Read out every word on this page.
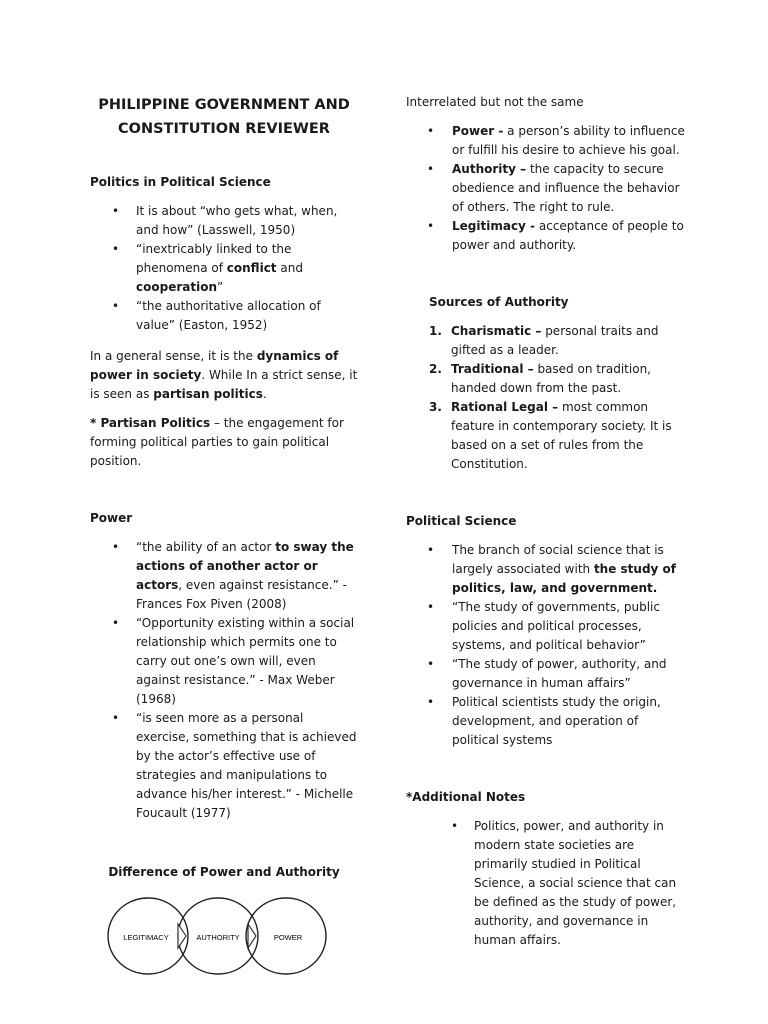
PHILIPPINE GOVERNMENT AND
CONSTITUTION REVIEWER
Politics in Political Science
• It is about “who gets what, when, and how” (Lasswell, 1950)
• “inextricably linked to the phenomena of conflict and cooperation”
• “the authoritative allocation of value” (Easton, 1952)

In a general sense, it is the dynamics of power in society. While In a strict sense, it is seen as partisan politics.

* Partisan Politics – the engagement for forming political parties to gain political position.

Power
• “the ability of an actor to sway the actions of another actor or actors, even against resistance.” - Frances Fox Piven (2008)
• “Opportunity existing within a social relationship which permits one to carry out one’s own will, even against resistance.” - Max Weber (1968)
• “is seen more as a personal exercise, something that is achieved by the actor’s effective use of strategies and manipulations to advance his/her interest.” - Michelle Foucault (1977)
Difference of Power and Authority
LEGITIMACY	AUTHORITY	POWER

Interrelated but not the same

• Power - a person’s ability to influence or fulfill his desire to achieve his goal.
• Authority – the capacity to secure obedience and influence the behavior of others. The right to rule.
• Legitimacy - acceptance of people to power and authority.
Sources of Authority
1. Charismatic – personal traits and gifted as a leader.
2. Traditional – based on tradition, handed down from the past.
3. Rational Legal – most common feature in contemporary society. It is based on a set of rules from the Constitution.
Political Science
• The branch of social science that is largely associated with the study of politics, law, and government.
• “The study of governments, public policies and political processes, systems, and political behavior”
• “The study of power, authority, and governance in human affairs”
• Political scientists study the origin, development, and operation of political systems
*Additional Notes
• Politics, power, and authority in modern state societies are primarily studied in Political Science, a social science that can be defined as the study of power, authority, and governance in human affairs.
